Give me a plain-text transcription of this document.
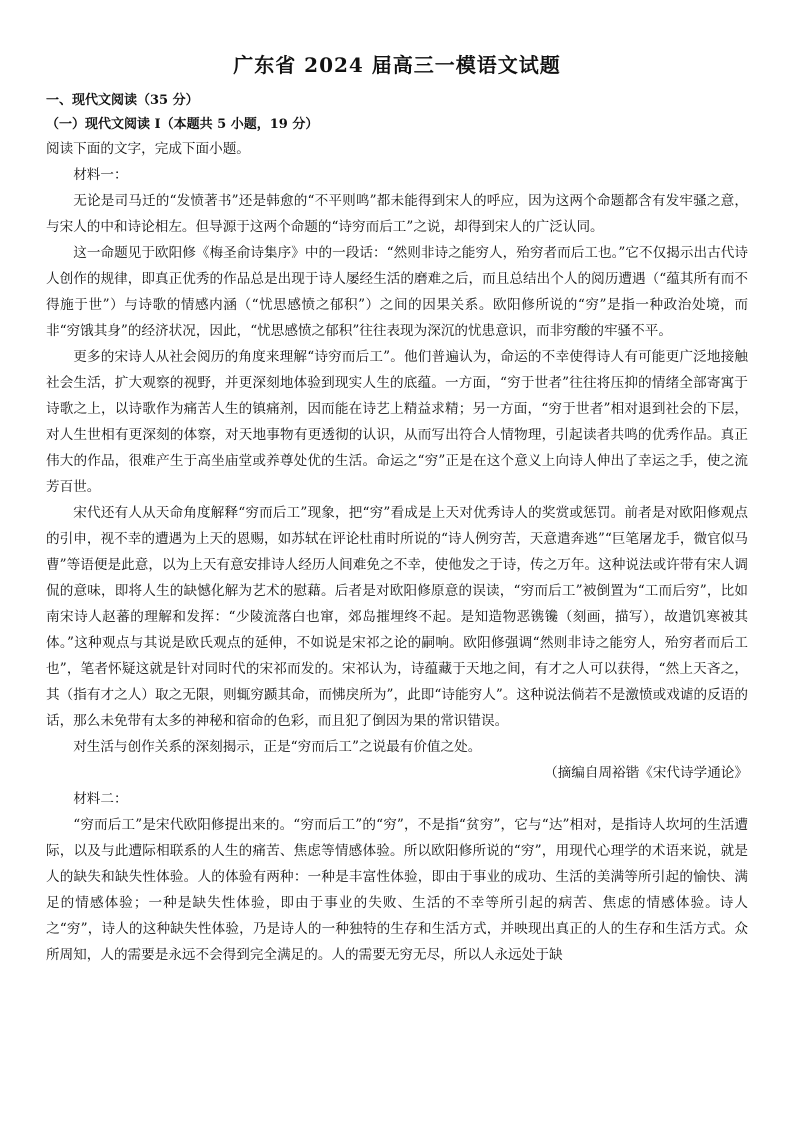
广东省 2024 届高三一模语文试题

一、现代文阅读（35 分）

（一）现代文阅读 I（本题共 5 小题，19 分）

阅读下面的文字，完成下面小题。

材料一：

无论是司马迁的“发愤著书”还是韩愈的“不平则鸣”都未能得到宋人的呼应，因为这两个命题都含有发牢骚之意，与宋人的中和诗论相左。但导源于这两个命题的“诗穷而后工”之说，却得到宋人的广泛认同。

这一命题见于欧阳修《梅圣俞诗集序》中的一段话：“然则非诗之能穷人，殆穷者而后工也。”它不仅揭示出古代诗人创作的规律，即真正优秀的作品总是出现于诗人屡经生活的磨难之后，而且总结出个人的阅历遭遇（“蕴其所有而不得施于世”）与诗歌的情感内涵（“忧思感愤之郁积”）之间的因果关系。欧阳修所说的“穷”是指一种政治处境，而非“穷饿其身”的经济状况，因此，“忧思感愤之郁积”往往表现为深沉的忧患意识，而非穷酸的牢骚不平。

更多的宋诗人从社会阅历的角度来理解“诗穷而后工”。他们普遍认为，命运的不幸使得诗人有可能更广泛地接触社会生活，扩大观察的视野，并更深刻地体验到现实人生的底蕴。一方面，“穷于世者”往往将压抑的情绪全部寄寓于诗歌之上，以诗歌作为痛苦人生的镇痛剂，因而能在诗艺上精益求精；另一方面，“穷于世者”相对退到社会的下层，对人生世相有更深刻的体察，对天地事物有更透彻的认识，从而写出符合人情物理，引起读者共鸣的优秀作品。真正伟大的作品，很难产生于高坐庙堂或养尊处优的生活。命运之“穷”正是在这个意义上向诗人伸出了幸运之手，使之流芳百世。

宋代还有人从天命角度解释“穷而后工”现象，把“穷”看成是上天对优秀诗人的奖赏或惩罚。前者是对欧阳修观点的引申，视不幸的遭遇为上天的恩赐，如苏轼在评论杜甫时所说的“诗人例穷苦，天意遣奔逃”“巨笔屠龙手，微官似马曹”等语便是此意，以为上天有意安排诗人经历人间难免之不幸，使他发之于诗，传之万年。这种说法或许带有宋人调侃的意味，即将人生的缺憾化解为艺术的慰藉。后者是对欧阳修原意的误读，“穷而后工”被倒置为“工而后穷”，比如南宋诗人赵蕃的理解和发挥：“少陵流落白也窜，郊岛摧埋终不起。是知造物恶镌镵（刻画，描写），故遣饥寒被其体。”这种观点与其说是欧氏观点的延伸，不如说是宋祁之论的嗣响。欧阳修强调“然则非诗之能穷人，殆穷者而后工也”，笔者怀疑这就是针对同时代的宋祁而发的。宋祁认为，诗蕴藏于天地之间，有才之人可以获得，“然上天吝之，其（指有才之人）取之无限，则辄穷踬其命，而怫戾所为”，此即“诗能穷人”。这种说法倘若不是激愤或戏谑的反语的话，那么未免带有太多的神秘和宿命的色彩，而且犯了倒因为果的常识错误。

对生活与创作关系的深刻揭示，正是“穷而后工”之说最有价值之处。

（摘编自周裕锴《宋代诗学通论》

材料二：

“穷而后工”是宋代欧阳修提出来的。“穷而后工”的“穷”，不是指“贫穷”，它与“达”相对，是指诗人坎坷的生活遭际，以及与此遭际相联系的人生的痛苦、焦虑等情感体验。所以欧阳修所说的“穷”，用现代心理学的术语来说，就是人的缺失和缺失性体验。人的体验有两种：一种是丰富性体验，即由于事业的成功、生活的美满等所引起的愉快、满足的情感体验；一种是缺失性体验，即由于事业的失败、生活的不幸等所引起的病苦、焦虑的情感体验。诗人之“穷”，诗人的这种缺失性体验，乃是诗人的一种独特的生存和生活方式，并映现出真正的人的生存和生活方式。众所周知，人的需要是永远不会得到完全满足的。人的需要无穷无尽，所以人永远处于缺
